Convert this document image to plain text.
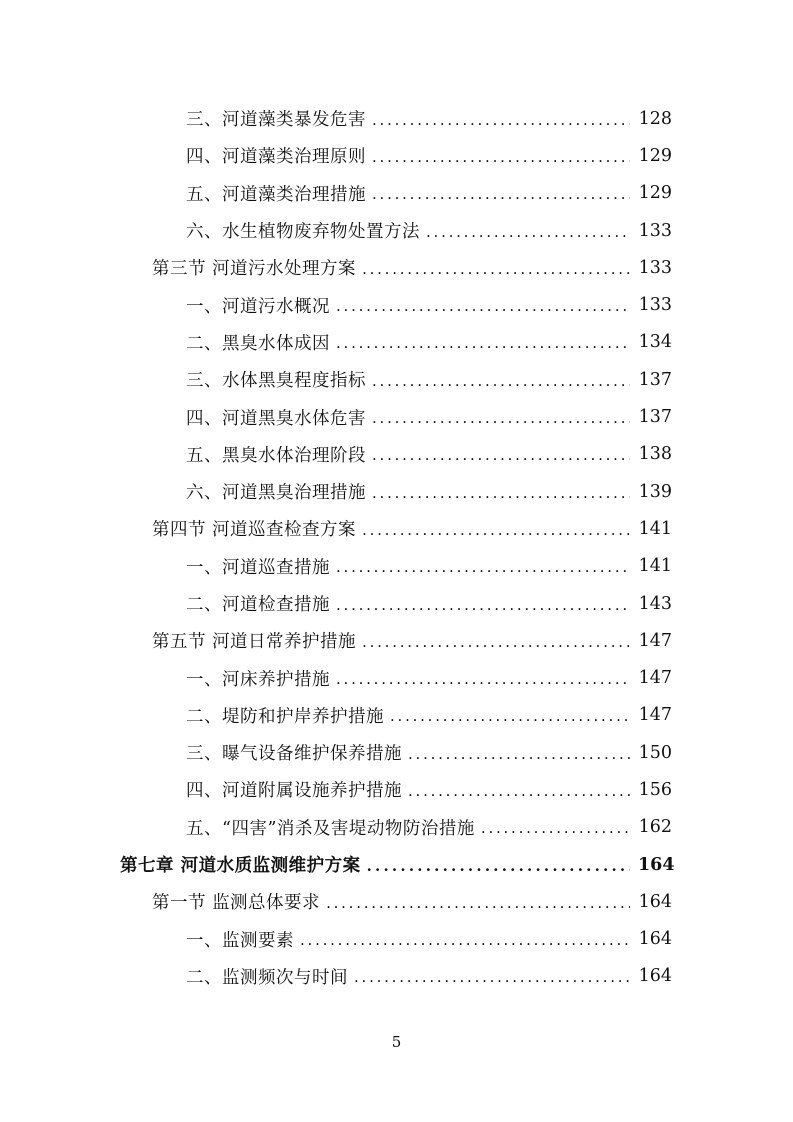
三、河道藻类暴发危害 . . .	128
四、河道藻类治理原则 . . .	129
五、河道藻类治理措施 . . .	129
六、水生植物废弃物处置方法 . . .	133
第三节 河道污水处理方案 . . .	133
一、河道污水概况 . . .	133
二、黑臭水体成因 . . .	134
三、水体黑臭程度指标 . . .	137
四、河道黑臭水体危害 . . .	137
五、黑臭水体治理阶段 . . .	138
六、河道黑臭治理措施 . . .	139
第四节 河道巡查检查方案 . . .	141
一、河道巡查措施 . . .	141
二、河道检查措施 . . .	143
第五节 河道日常养护措施 . . .	147
一、河床养护措施 . . .	147
二、堤防和护岸养护措施 . . .	147
三、曝气设备维护保养措施 . . .	150
四、河道附属设施养护措施 . . .	156
五、“四害”消杀及害堤动物防治措施 . . .	162
第七章 河道水质监测维护方案 . . .	164
第一节 监测总体要求 . . .	164
一、监测要素 . . .	164
二、监测频次与时间 . . .	164
5
